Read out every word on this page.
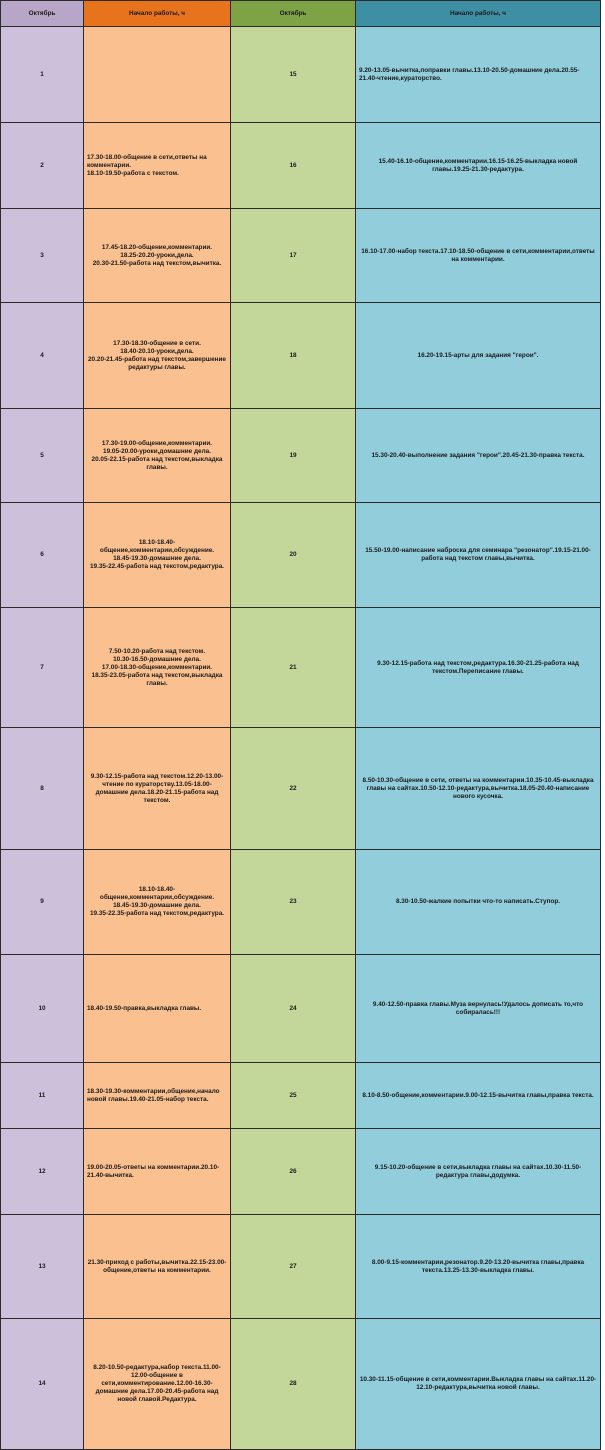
Октябрь	Начало работы, ч	Октябрь	Начало работы, ч
1		15	9.20-13.05-вычитка,поправки главы.13.10-20.50-домашние дела.20.55-21.40-чтение,кураторство.
2	17.30-18.00-общение в сети,ответы на комментарии.
18.10-19.50-работа с текстом.	16	15.40-16.10-общение,комментарии.16.15-16.25-выкладка новой главы.19.25-21.30-редактура.
3	17.45-18.20-общение,комментарии.
18.25-20.20-уроки,дела.
20.30-21.50-работа над текстом,вычитка.	17	16.10-17.00-набор текста.17.10-18.50-общение в сети,комментарии,ответы на комментарии.
4	17.30-18.30-общение в сети.
18.40-20.10-уроки,дела.
20.20-21.45-работа над текстом,завершение редактуры главы.	18	16.20-19.15-арты для задания "герои".
5	17.30-19.00-общение,комментарии.
19.05-20.00-уроки,домашние дела.
20.05-22.15-работа над текстом,выкладка главы.	19	15.30-20.40-выполнение задания "герои".20.45-21.30-правка текста.
6	18.10-18.40-
общение,комментарии,обсуждение.
18.45-19.30-домашние дела.
19.35-22.45-работа над текстом,редактура.	20	15.50-19.00-написание наброска для семинара "резонатор".19.15-21.00-работа над текстом главы,вычитка.
7	7.50-10.20-работа над текстом.
10.30-16.50-домашние дела.
17.00-18.30-общение,комментарии.
18.35-23.05-работа над текстом,выкладка главы.	21	9.30-12.15-работа над текстом,редактура.16.30-21.25-работа над текстом.Переписание главы.
8	9.30-12.15-работа над текстом.12.20-13.00-чтение по кураторству.13.05-18.00-домашние дела.18.20-21.15-работа над текстом.	22	8.50-10.30-общение в сети, ответы на комментарии.10.35-10.45-выкладка главы на сайтах.10.50-12.10-редактура,вычитка.18.05-20.40-написание нового кусочка.
9	18.10-18.40-
общение,комментарии,обсуждение.
18.45-19.30-домашние дела.
19.35-22.35-работа над текстом,редактура.	23	8.30-10.50-жалкие попытки что-то написать.Ступор.
10	18.40-19.50-правка,выкладка главы.	24	9.40-12.50-правка главы.Муза вернулась!Удалось дописать то,что собиралась!!!
11	18.30-19.30-комментарии,общение,начало новой главы.19.40-21.05-набор текста.	25	8.10-8.50-общение,комментарии.9.00-12.15-вычитка главы,правка текста.
12	19.00-20.05-ответы на комментарии.20.10-21.40-вычитка.	26	9.15-10.20-общение в сети,выкладка главы на сайтах.10.30-11.50-редактура главы,додумка.
13	21.30-приход с работы,вычитка.22.15-23.00-общение,ответы на комментарии.	27	8.00-9.15-комментарии,резонатор.9.20-13.20-вычитка главы,правка текста.13.25-13.30-выкладка главы.
14	8.20-10.50-редактура,набор текста.11.00-12.00-общение в сети,комментирование.12.00-16.30-домашние дела.17.00-20.45-работа над новой главой.Редактура.	28	10.30-11.15-общение в сети,комментарии.Выкладка главы на сайтах.11.20-12.10-редактура,вычитка новой главы.
